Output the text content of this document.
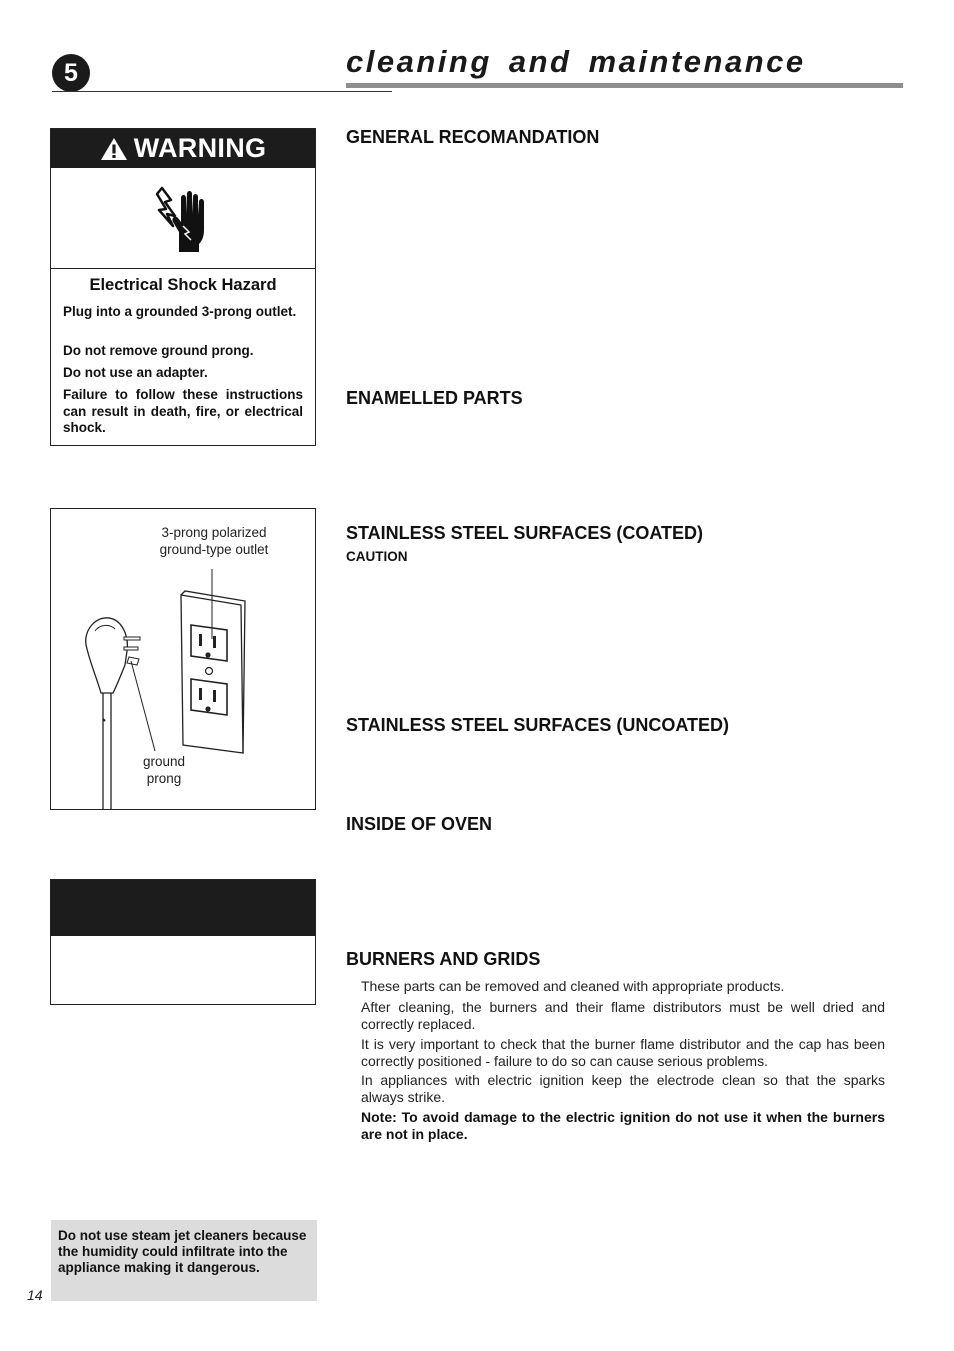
5	cleaning and maintenance
WARNING
Electrical Shock Hazard
Plug into a grounded 3-prong outlet.
Do not remove ground prong.
Do not use an adapter.
Failure to follow these instructions can result in death, fire, or electrical shock.
3-prong polarized
ground-type outlet
ground
prong
Do not use steam jet cleaners because the humidity could infiltrate into the appliance making it dangerous.
14
GENERAL RECOMANDATION
ENAMELLED PARTS
STAINLESS STEEL SURFACES (COATED)
CAUTION
STAINLESS STEEL SURFACES (UNCOATED)
INSIDE OF OVEN
BURNERS AND GRIDS
These parts can be removed and cleaned with appropriate products.
After cleaning, the burners and their flame distributors must be well dried and correctly replaced.
It is very important to check that the burner flame distributor and the cap has been correctly positioned - failure to do so can cause serious problems.
In appliances with electric ignition keep the electrode clean so that the sparks always strike.
Note: To avoid damage to the electric ignition do not use it when the burners are not in place.
